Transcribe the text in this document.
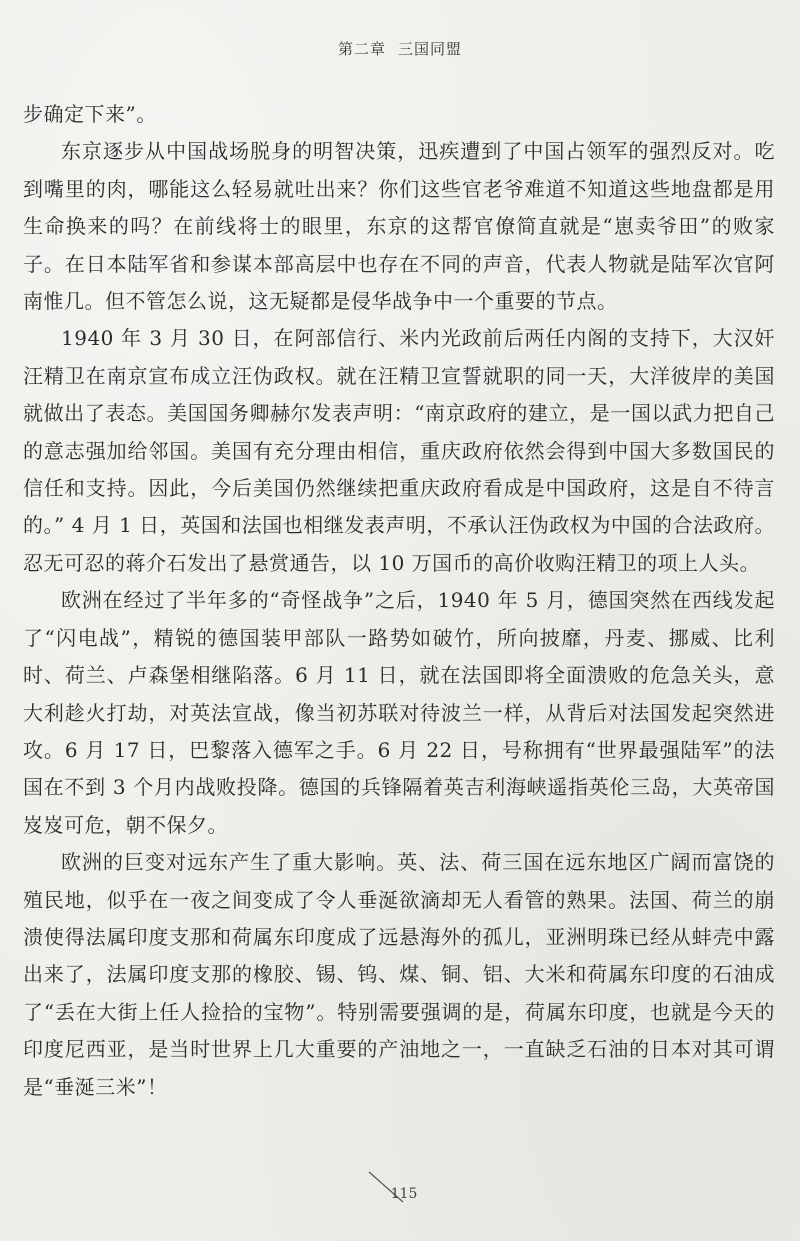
第二章 三国同盟

步确定下来”。

东京逐步从中国战场脱身的明智决策，迅疾遭到了中国占领军的强烈反对。吃到嘴里的肉，哪能这么轻易就吐出来？你们这些官老爷难道不知道这些地盘都是用生命换来的吗？在前线将士的眼里，东京的这帮官僚简直就是“崽卖爷田”的败家子。在日本陆军省和参谋本部高层中也存在不同的声音，代表人物就是陆军次官阿南惟几。但不管怎么说，这无疑都是侵华战争中一个重要的节点。

1940 年 3 月 30 日，在阿部信行、米内光政前后两任内阁的支持下，大汉奸汪精卫在南京宣布成立汪伪政权。就在汪精卫宣誓就职的同一天，大洋彼岸的美国就做出了表态。美国国务卿赫尔发表声明：“南京政府的建立，是一国以武力把自己的意志强加给邻国。美国有充分理由相信，重庆政府依然会得到中国大多数国民的信任和支持。因此，今后美国仍然继续把重庆政府看成是中国政府，这是自不待言的。” 4 月 1 日，英国和法国也相继发表声明，不承认汪伪政权为中国的合法政府。忍无可忍的蒋介石发出了悬赏通告，以 10 万国币的高价收购汪精卫的项上人头。

欧洲在经过了半年多的“奇怪战争”之后，1940 年 5 月，德国突然在西线发起了“闪电战”，精锐的德国装甲部队一路势如破竹，所向披靡，丹麦、挪威、比利时、荷兰、卢森堡相继陷落。6 月 11 日，就在法国即将全面溃败的危急关头，意大利趁火打劫，对英法宣战，像当初苏联对待波兰一样，从背后对法国发起突然进攻。6 月 17 日，巴黎落入德军之手。6 月 22 日，号称拥有“世界最强陆军”的法国在不到 3 个月内战败投降。德国的兵锋隔着英吉利海峡遥指英伦三岛，大英帝国岌岌可危，朝不保夕。

欧洲的巨变对远东产生了重大影响。英、法、荷三国在远东地区广阔而富饶的殖民地，似乎在一夜之间变成了令人垂涎欲滴却无人看管的熟果。法国、荷兰的崩溃使得法属印度支那和荷属东印度成了远悬海外的孤儿，亚洲明珠已经从蚌壳中露出来了，法属印度支那的橡胶、锡、钨、煤、铜、铝、大米和荷属东印度的石油成了“丢在大街上任人捡拾的宝物”。特别需要强调的是，荷属东印度，也就是今天的印度尼西亚，是当时世界上几大重要的产油地之一，一直缺乏石油的日本对其可谓是“垂涎三米”！

115
